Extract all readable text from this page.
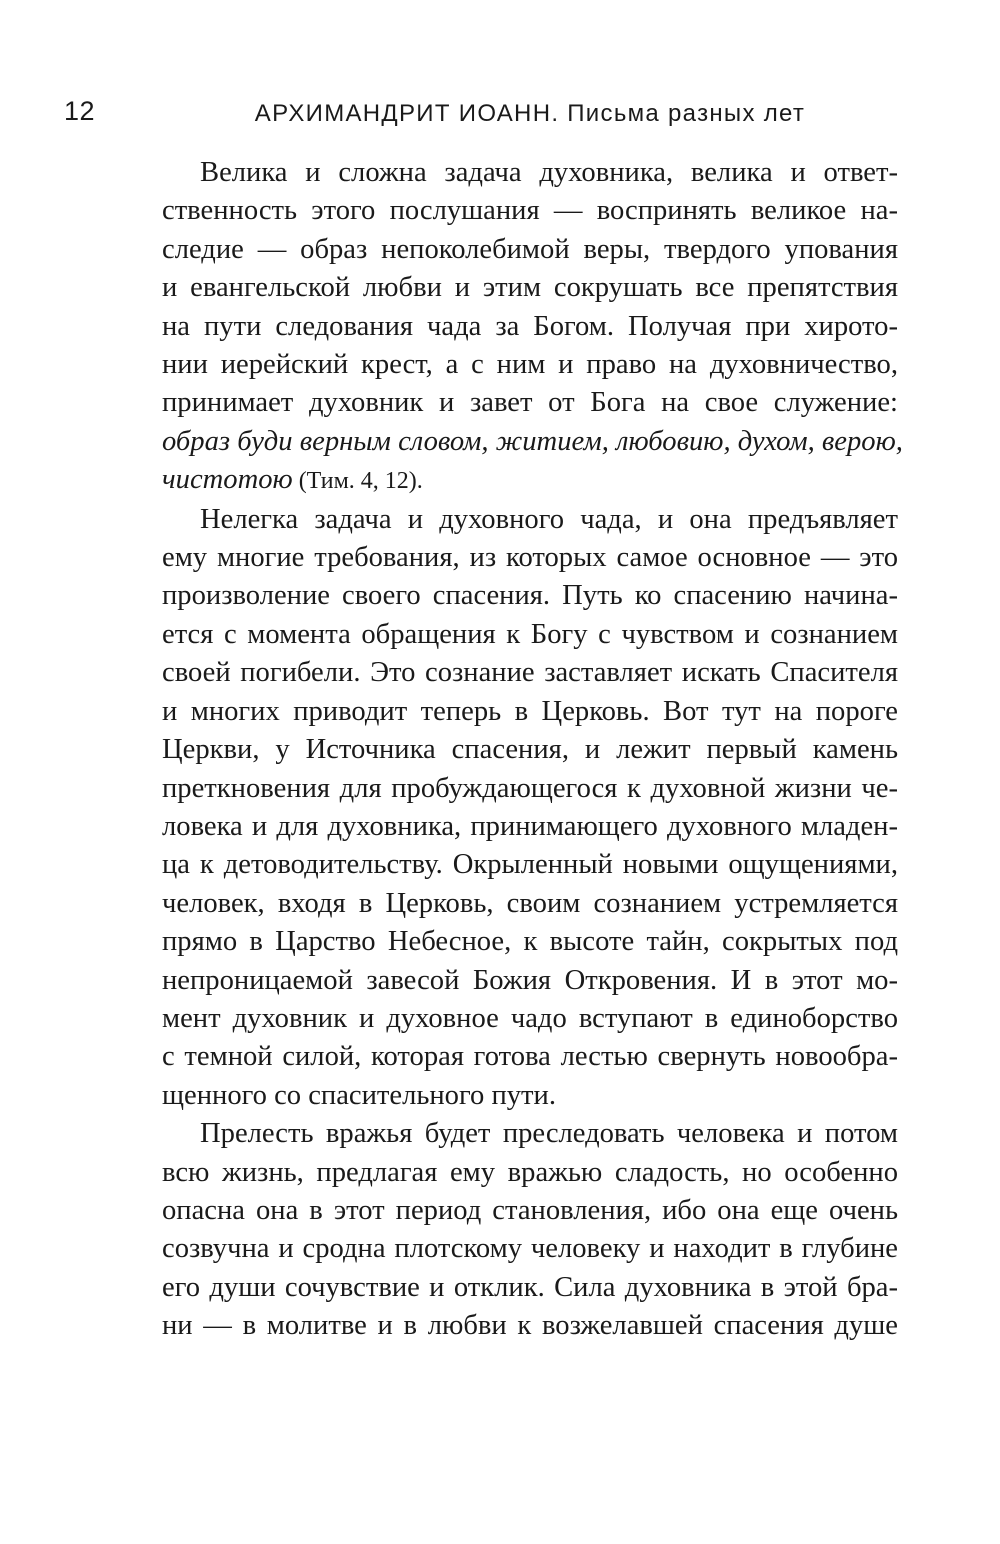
12	АРХИМАНДРИТ ИОАНН. Письма разных лет
Велика и сложна задача духовника, велика и ответ-
ственность этого послушания — воспринять великое на-
следие — образ непоколебимой веры, твердого упования
и евангельской любви и этим сокрушать все препятствия
на пути следования чада за Богом. Получая при хирото-
нии иерейский крест, а с ним и право на духовничество,
принимает духовник и завет от Бога на свое служение:
образ буди верным словом, житием, любовию, духом, верою,
чистотою (Тим. 4, 12).
Нелегка задача и духовного чада, и она предъявляет
ему многие требования, из которых самое основное — это
произволение своего спасения. Путь ко спасению начина-
ется с момента обращения к Богу с чувством и сознанием
своей погибели. Это сознание заставляет искать Спасителя
и многих приводит теперь в Церковь. Вот тут на пороге
Церкви, у Источника спасения, и лежит первый камень
преткновения для пробуждающегося к духовной жизни че-
ловека и для духовника, принимающего духовного младен-
ца к детоводительству. Окрыленный новыми ощущениями,
человек, входя в Церковь, своим сознанием устремляется
прямо в Царство Небесное, к высоте тайн, сокрытых под
непроницаемой завесой Божия Откровения. И в этот мо-
мент духовник и духовное чадо вступают в единоборство
с темной силой, которая готова лестью свернуть новообра-
щенного со спасительного пути.
Прелесть вражья будет преследовать человека и потом
всю жизнь, предлагая ему вражью сладость, но особенно
опасна она в этот период становления, ибо она еще очень
созвучна и сродна плотскому человеку и находит в глубине
его души сочувствие и отклик. Сила духовника в этой бра-
ни — в молитве и в любви к возжелавшей спасения душе
